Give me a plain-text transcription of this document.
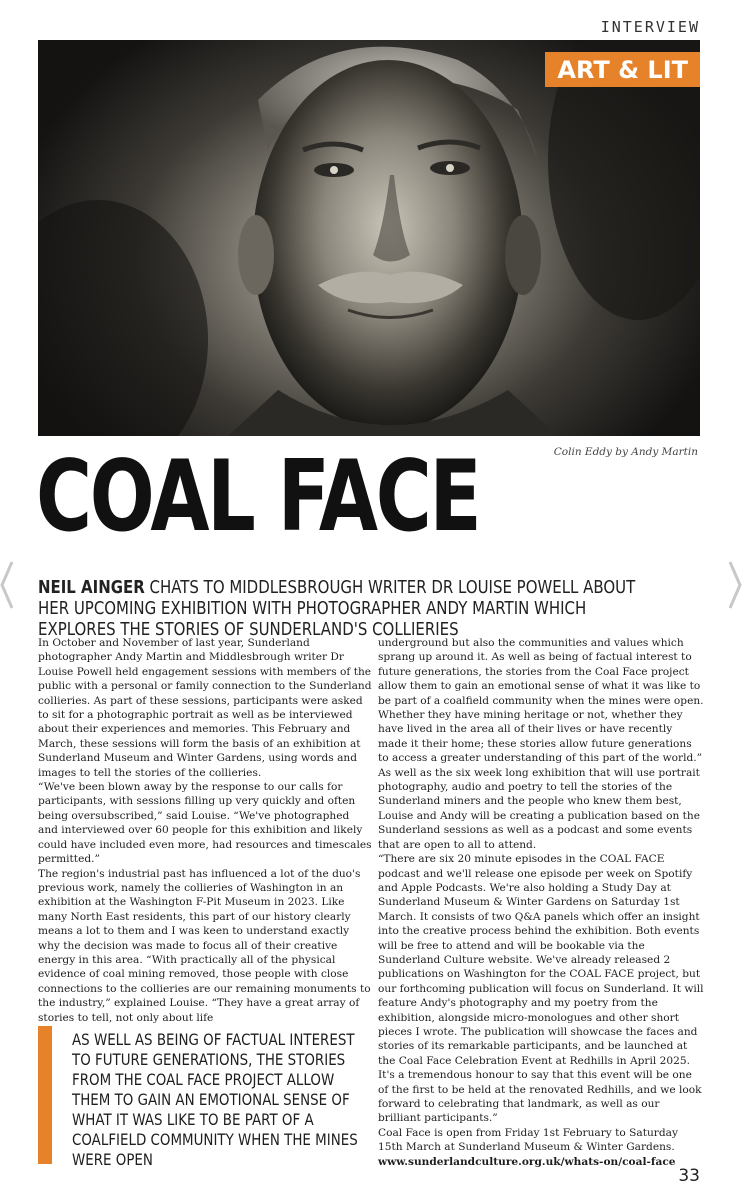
INTERVIEW
ART & LIT
Colin Eddy by Andy Martin
COAL FACE
NEIL AINGER CHATS TO MIDDLESBROUGH WRITER DR LOUISE POWELL ABOUT HER UPCOMING EXHIBITION WITH PHOTOGRAPHER ANDY MARTIN WHICH EXPLORES THE STORIES OF SUNDERLAND'S COLLIERIES

In October and November of last year, Sunderland photographer Andy Martin and Middlesbrough writer Dr Louise Powell held engagement sessions with members of the public with a personal or family connection to the Sunderland collieries. As part of these sessions, participants were asked to sit for a photographic portrait as well as be interviewed about their experiences and memories. This February and March, these sessions will form the basis of an exhibition at Sunderland Museum and Winter Gardens, using words and images to tell the stories of the collieries.

“We've been blown away by the response to our calls for participants, with sessions filling up very quickly and often being oversubscribed,” said Louise. “We've photographed and interviewed over 60 people for this exhibition and likely could have included even more, had resources and timescales permitted.”

The region's industrial past has influenced a lot of the duo's previous work, namely the collieries of Washington in an exhibition at the Washington F-Pit Museum in 2023. Like many North East residents, this part of our history clearly means a lot to them and I was keen to understand exactly why the decision was made to focus all of their creative energy in this area. “With practically all of the physical evidence of coal mining removed, those people with close connections to the collieries are our remaining monuments to the industry,” explained Louise. “They have a great array of stories to tell, not only about life

underground but also the communities and values which sprang up around it. As well as being of factual interest to future generations, the stories from the Coal Face project allow them to gain an emotional sense of what it was like to be part of a coalfield community when the mines were open. Whether they have mining heritage or not, whether they have lived in the area all of their lives or have recently made it their home; these stories allow future generations to access a greater understanding of this part of the world.”

As well as the six week long exhibition that will use portrait photography, audio and poetry to tell the stories of the Sunderland miners and the people who knew them best, Louise and Andy will be creating a publication based on the Sunderland sessions as well as a podcast and some events that are open to all to attend.

“There are six 20 minute episodes in the COAL FACE podcast and we'll release one episode per week on Spotify and Apple Podcasts. We're also holding a Study Day at Sunderland Museum & Winter Gardens on Saturday 1st March. It consists of two Q&A panels which offer an insight into the creative process behind the exhibition. Both events will be free to attend and will be bookable via the Sunderland Culture website. We've already released 2 publications on Washington for the COAL FACE project, but our forthcoming publication will focus on Sunderland. It will feature Andy's photography and my poetry from the exhibition, alongside micro-monologues and other short pieces I wrote. The publication will showcase the faces and stories of its remarkable participants, and be launched at the Coal Face Celebration Event at Redhills in April 2025. It's a tremendous honour to say that this event will be one of the first to be held at the renovated Redhills, and we look forward to celebrating that landmark, as well as our brilliant participants.”

Coal Face is open from Friday 1st February to Saturday 15th March at Sunderland Museum & Winter Gardens.

www.sunderlandculture.org.uk/whats-on/coal-face

AS WELL AS BEING OF FACTUAL INTEREST TO FUTURE GENERATIONS, THE STORIES FROM THE COAL FACE PROJECT ALLOW THEM TO GAIN AN EMOTIONAL SENSE OF WHAT IT WAS LIKE TO BE PART OF A COALFIELD COMMUNITY WHEN THE MINES WERE OPEN
33
